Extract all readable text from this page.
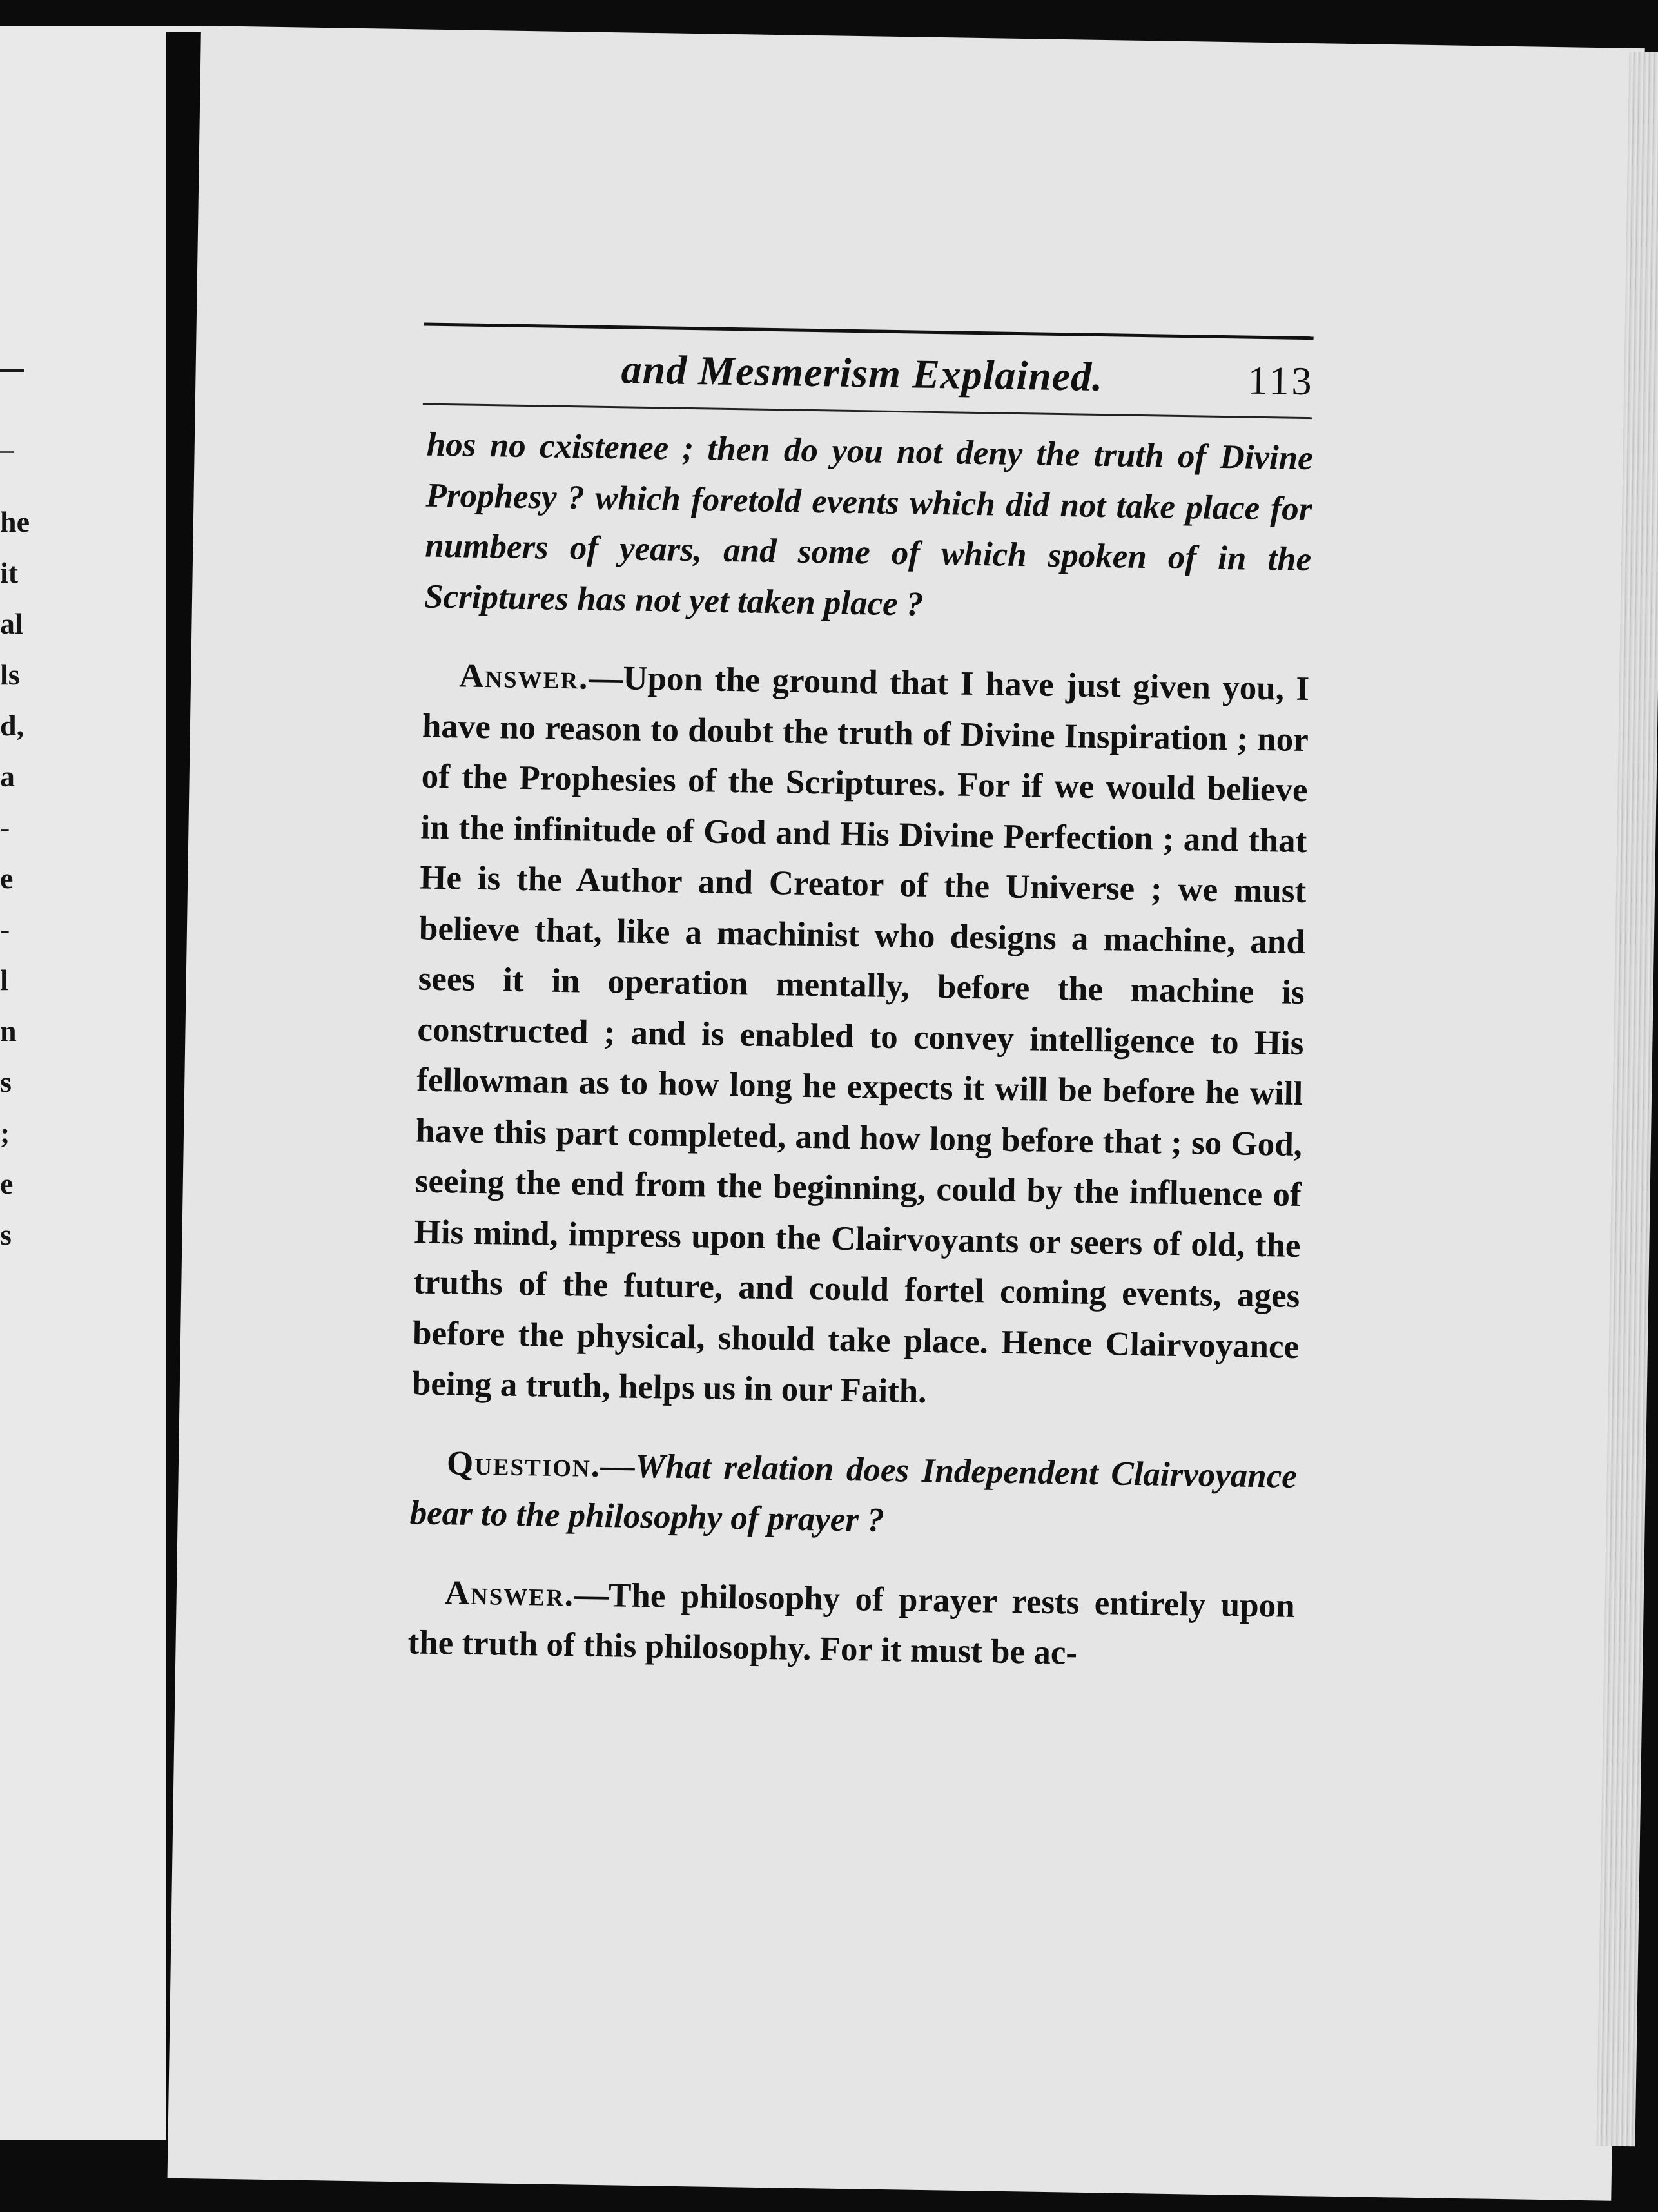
he
it
al
ls
d,
a
-
e
-
l
n
s
;
e
s
and Mesmerism Explained.	113

hos no cxistenee ; then do you not deny the truth of Divine Prophesy ? which foretold events which did not take place for numbers of years, and some of which spoken of in the Scriptures has not yet taken place ?

Answer.—Upon the ground that I have just given you, I have no reason to doubt the truth of Divine Inspiration ; nor of the Prophesies of the Scriptures. For if we would believe in the infinitude of God and His Divine Perfection ; and that He is the Author and Creator of the Universe ; we must believe that, like a machinist who designs a machine, and sees it in operation mentally, before the machine is constructed ; and is enabled to convey intelligence to His fellowman as to how long he expects it will be before he will have this part completed, and how long before that ; so God, seeing the end from the beginning, could by the influence of His mind, impress upon the Clairvoyants or seers of old, the truths of the future, and could fortel coming events, ages before the physical, should take place. Hence Clairvoyance being a truth, helps us in our Faith.

Question.—What relation does Independent Clairvoyance bear to the philosophy of prayer ?

Answer.—The philosophy of prayer rests entirely upon the truth of this philosophy. For it must be ac-
